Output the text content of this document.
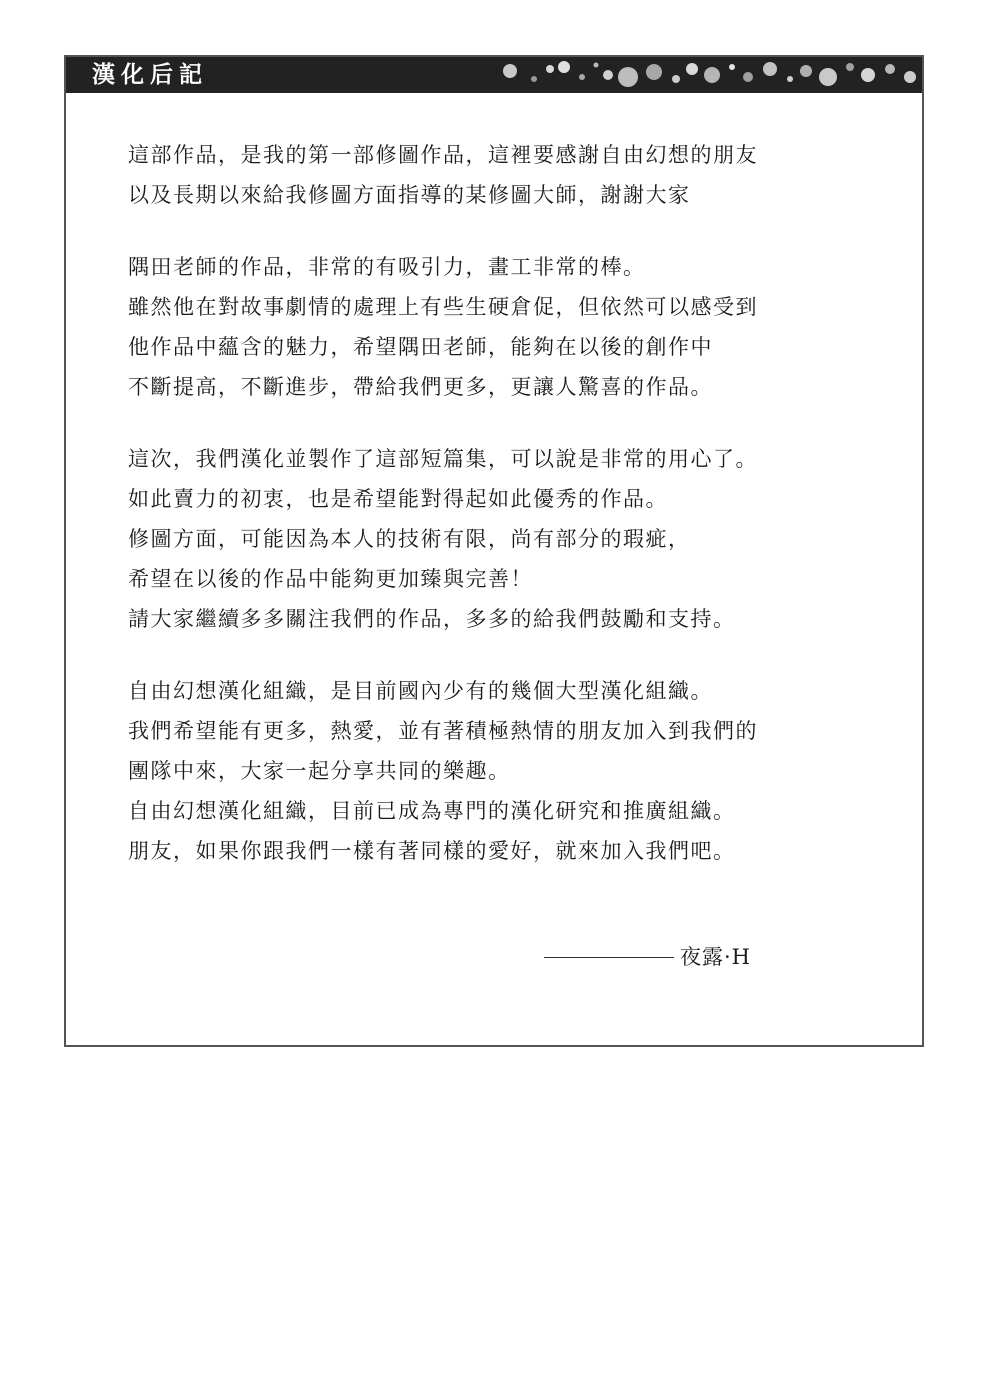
漢化后記
這部作品，是我的第一部修圖作品，這裡要感謝自由幻想的朋友
以及長期以來給我修圖方面指導的某修圖大師，謝謝大家
隅田老師的作品，非常的有吸引力，畫工非常的棒。
雖然他在對故事劇情的處理上有些生硬倉促，但依然可以感受到
他作品中蘊含的魅力，希望隅田老師，能夠在以後的創作中
不斷提高，不斷進步，帶給我們更多，更讓人驚喜的作品。
這次，我們漢化並製作了這部短篇集，可以說是非常的用心了。
如此賣力的初衷，也是希望能對得起如此優秀的作品。
修圖方面，可能因為本人的技術有限，尚有部分的瑕疵，
希望在以後的作品中能夠更加臻與完善！
請大家繼續多多關注我們的作品，多多的給我們鼓勵和支持。
自由幻想漢化組織，是目前國內少有的幾個大型漢化組織。
我們希望能有更多，熱愛，並有著積極熱情的朋友加入到我們的
團隊中來，大家一起分享共同的樂趣。
自由幻想漢化組織，目前已成為專門的漢化研究和推廣組織。
朋友，如果你跟我們一樣有著同樣的愛好，就來加入我們吧。
夜露·H
